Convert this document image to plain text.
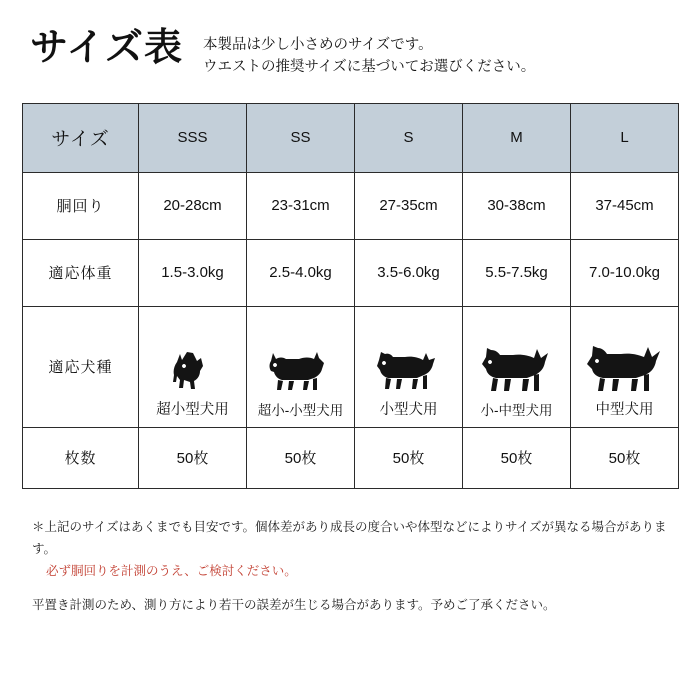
サイズ表 本製品は少し小さめのサイズです。
ウエストの推奨サイズに基づいてお選びください。
サイズ	SSS	SS	S	M	L
胴回り	20-28cm	23-31cm	27-35cm	30-38cm	37-45cm
適応体重	1.5-3.0kg	2.5-4.0kg	3.5-6.0kg	5.5-7.5kg	7.0-10.0kg
適応犬種	超小型犬用	超小-小型犬用	小型犬用	小-中型犬用	中型犬用

枚数	50枚	50枚	50枚	50枚	50枚
＊上記のサイズはあくまでも目安です。個体差があり成長の度合いや体型などによりサイズが異なる場合があります。
必ず胴回りを計測のうえ、ご検討ください。
平置き計測のため、測り方により若干の誤差が生じる場合があります。予めご了承ください。
